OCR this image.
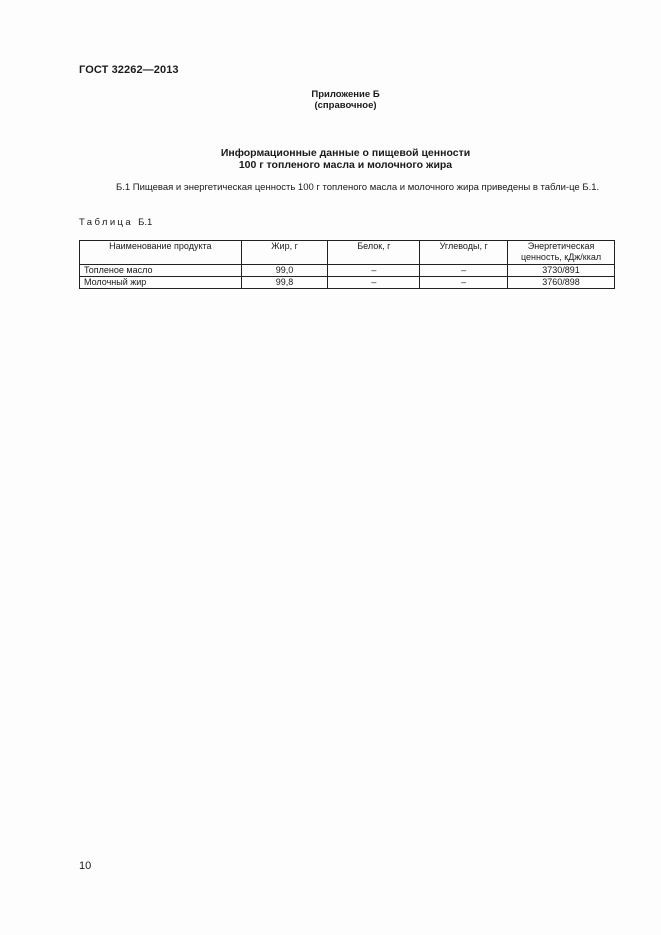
ГОСТ 32262—2013
Приложение Б
(справочное)
Информационные данные о пищевой ценности
100 г топленого масла и молочного жира
Б.1 Пищевая и энергетическая ценность 100 г топленого масла и молочного жира приведены в табли-це Б.1.
Таблица Б.1
Наименование продукта	Жир, г	Белок, г	Углеводы, г	Энергетическая ценность, кДж/ккал
Топленое масло	99,0	–	–	3730/891
Молочный жир	99,8	–	–	3760/898
10
